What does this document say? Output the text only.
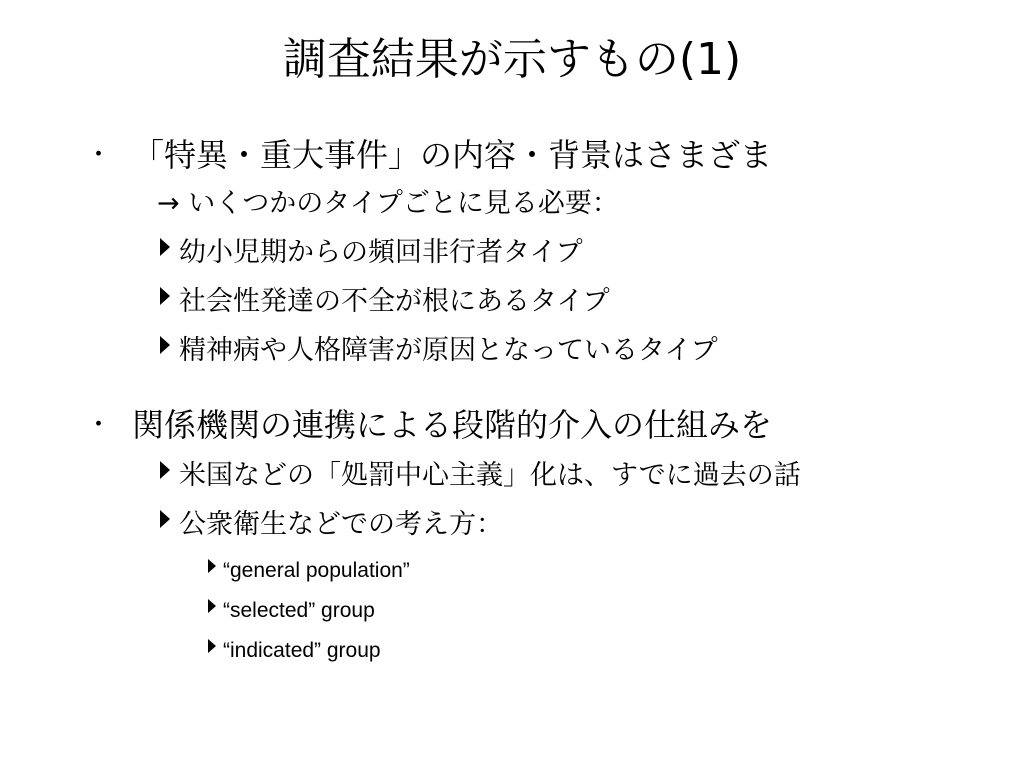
調査結果が示すもの(1)
･ 「特異・重大事件」の内容・背景はさまざま
→ いくつかのタイプごとに見る必要：
幼小児期からの頻回非行者タイプ
社会性発達の不全が根にあるタイプ
精神病や人格障害が原因となっているタイプ
･ 関係機関の連携による段階的介入の仕組みを
米国などの「処罰中心主義」化は、すでに過去の話
公衆衛生などでの考え方：
“general population”
“selected” group
“indicated” group
